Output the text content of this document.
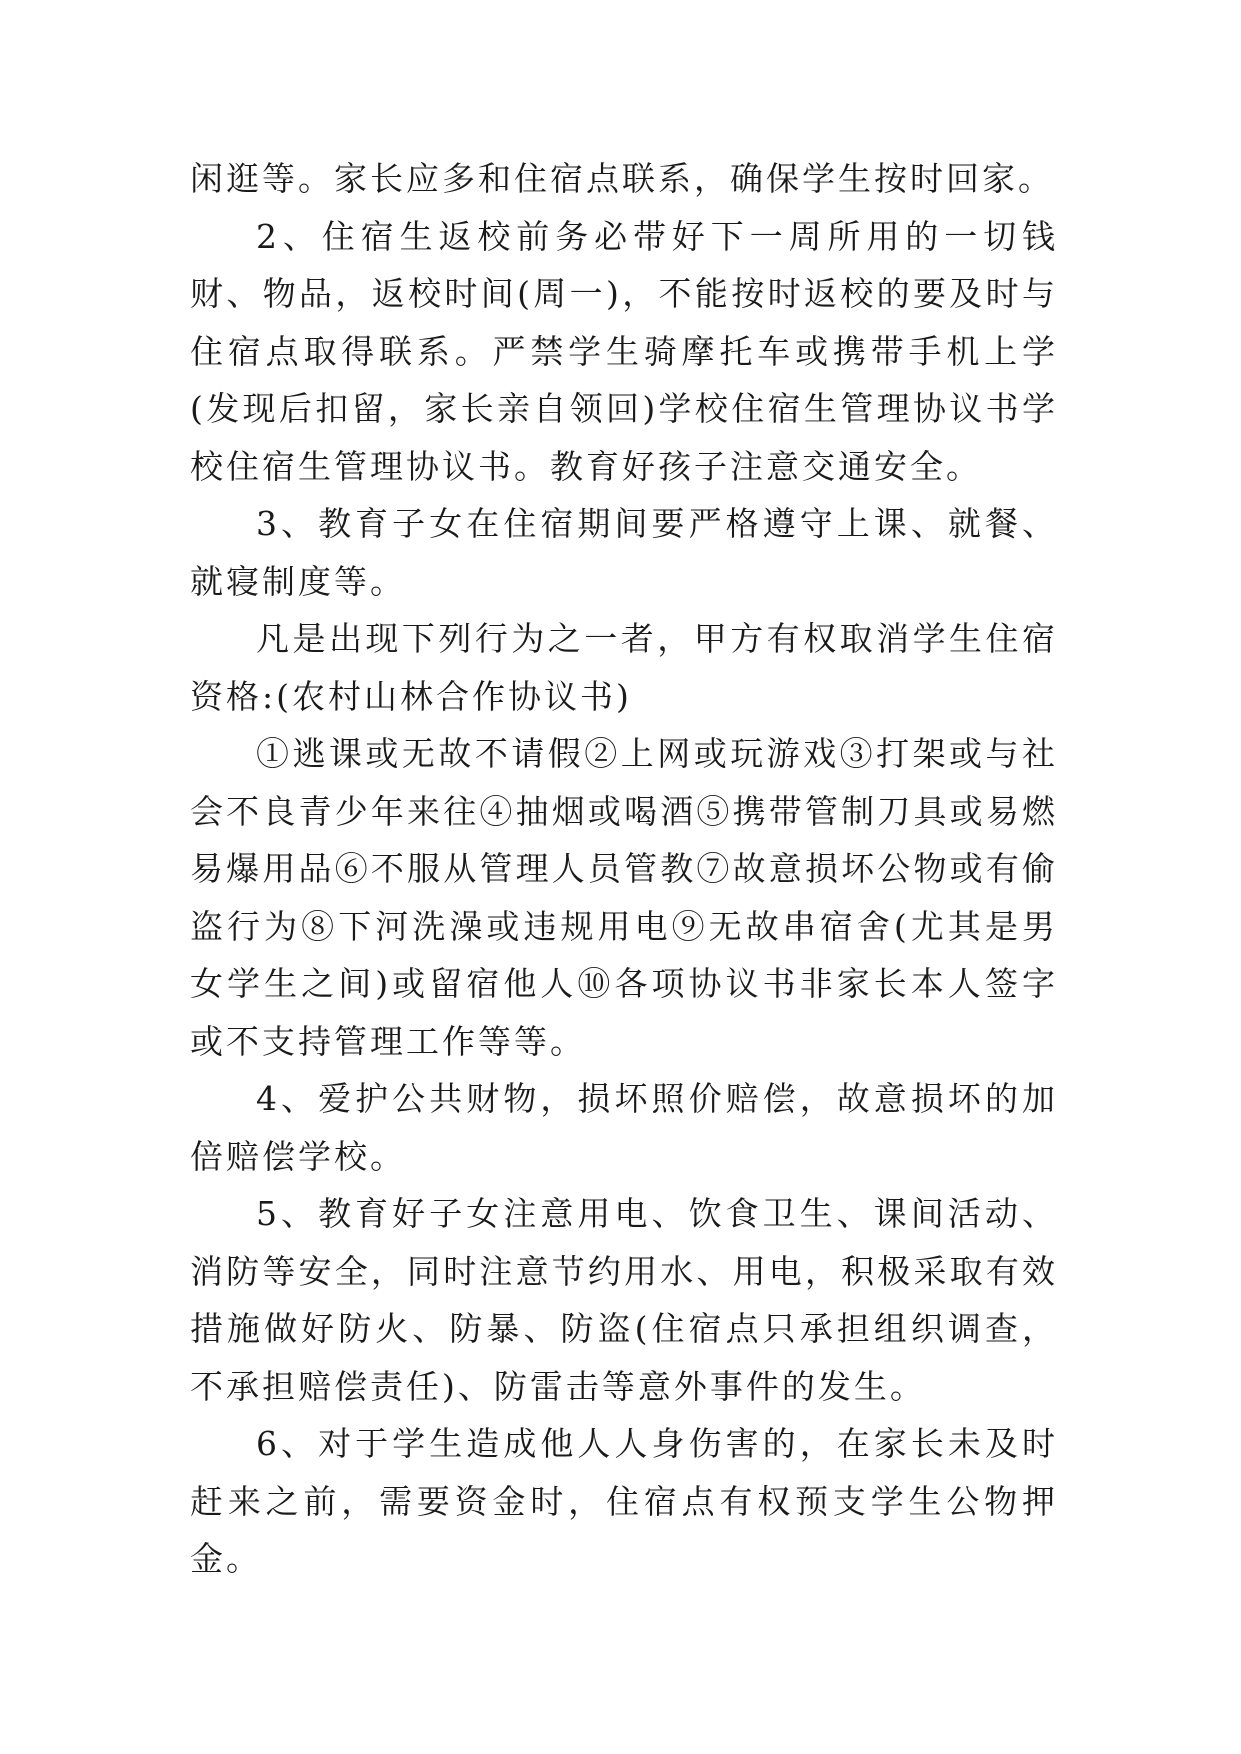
闲逛等。家长应多和住宿点联系，确保学生按时回家。

2、住宿生返校前务必带好下一周所用的一切钱财、物品，返校时间(周一)，不能按时返校的要及时与住宿点取得联系。严禁学生骑摩托车或携带手机上学(发现后扣留，家长亲自领回)学校住宿生管理协议书学校住宿生管理协议书。教育好孩子注意交通安全。

3、教育子女在住宿期间要严格遵守上课、就餐、就寝制度等。

凡是出现下列行为之一者，甲方有权取消学生住宿资格:(农村山林合作协议书)

①逃课或无故不请假②上网或玩游戏③打架或与社会不良青少年来往④抽烟或喝酒⑤携带管制刀具或易燃易爆用品⑥不服从管理人员管教⑦故意损坏公物或有偷盗行为⑧下河洗澡或违规用电⑨无故串宿舍(尤其是男女学生之间)或留宿他人⑩各项协议书非家长本人签字或不支持管理工作等等。

4、爱护公共财物，损坏照价赔偿，故意损坏的加倍赔偿学校。

5、教育好子女注意用电、饮食卫生、课间活动、消防等安全，同时注意节约用水、用电，积极采取有效措施做好防火、防暴、防盗(住宿点只承担组织调查，不承担赔偿责任)、防雷击等意外事件的发生。

6、对于学生造成他人人身伤害的，在家长未及时赶来之前，需要资金时，住宿点有权预支学生公物押金。
